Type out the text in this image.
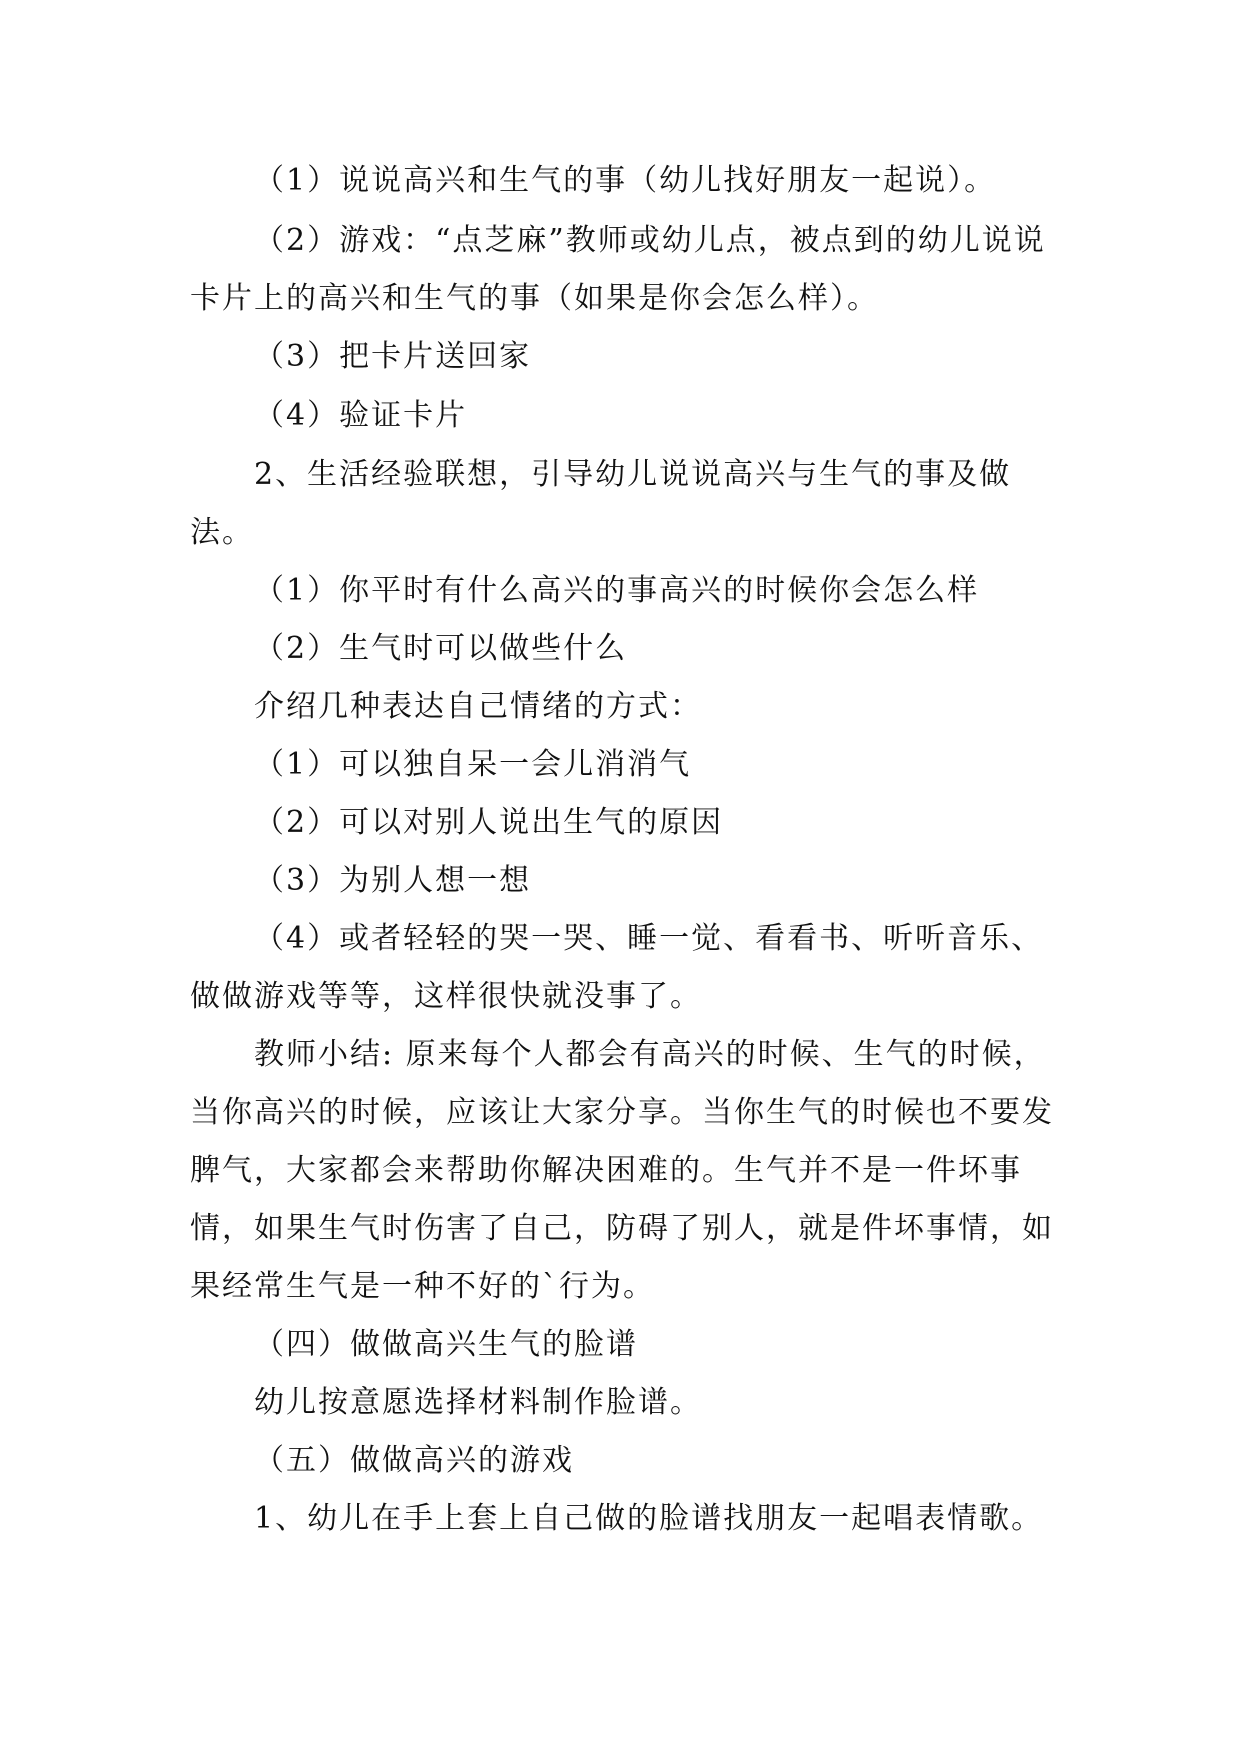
（1）说说高兴和生气的事（幼儿找好朋友一起说）。

（2）游戏：“点芝麻”教师或幼儿点，被点到的幼儿说说卡片上的高兴和生气的事（如果是你会怎么样）。

（3）把卡片送回家

（4）验证卡片

2、生活经验联想，引导幼儿说说高兴与生气的事及做法。

（1）你平时有什么高兴的事高兴的时候你会怎么样

（2）生气时可以做些什么

介绍几种表达自己情绪的方式：

（1）可以独自呆一会儿消消气

（2）可以对别人说出生气的原因

（3）为别人想一想

（4）或者轻轻的哭一哭、睡一觉、看看书、听听音乐、做做游戏等等，这样很快就没事了。

教师小结: 原来每个人都会有高兴的时候、生气的时候，当你高兴的时候，应该让大家分享。当你生气的时候也不要发脾气，大家都会来帮助你解决困难的。生气并不是一件坏事情，如果生气时伤害了自己，防碍了别人，就是件坏事情，如果经常生气是一种不好的`行为。

（四）做做高兴生气的脸谱

幼儿按意愿选择材料制作脸谱。

（五）做做高兴的游戏

1、幼儿在手上套上自己做的脸谱找朋友一起唱表情歌。
